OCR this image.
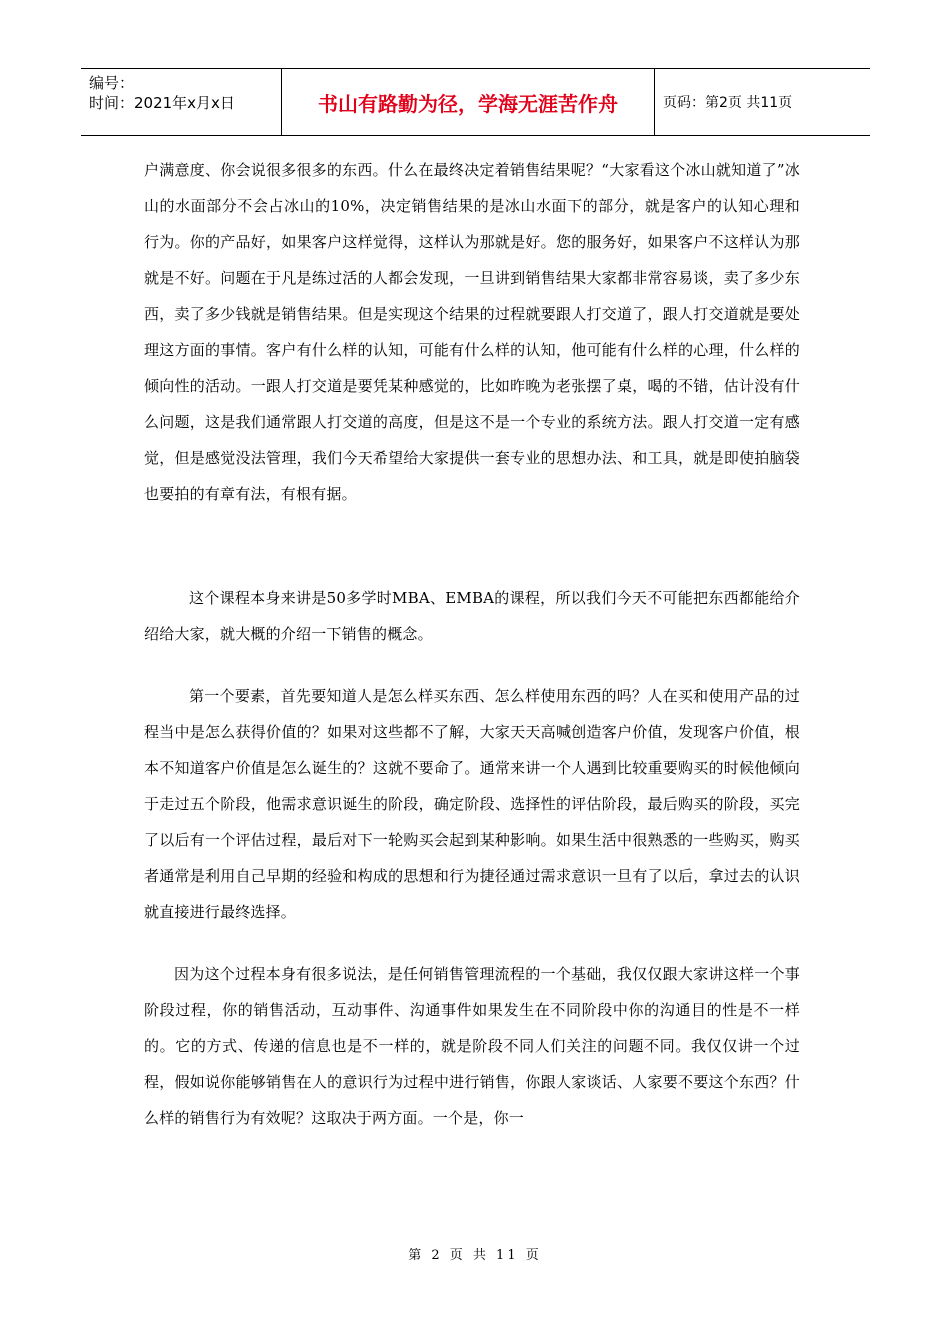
编号：
时间：2021年x月x日	书山有路勤为径，学海无涯苦作舟	页码：第2页 共11页

户满意度、你会说很多很多的东西。什么在最终决定着销售结果呢？“大家看这个冰山就知道了”冰山的水面部分不会占冰山的10%，决定销售结果的是冰山水面下的部分，就是客户的认知心理和行为。你的产品好，如果客户这样觉得，这样认为那就是好。您的服务好，如果客户不这样认为那就是不好。问题在于凡是练过活的人都会发现，一旦讲到销售结果大家都非常容易谈，卖了多少东西，卖了多少钱就是销售结果。但是实现这个结果的过程就要跟人打交道了，跟人打交道就是要处理这方面的事情。客户有什么样的认知，可能有什么样的认知，他可能有什么样的心理，什么样的倾向性的活动。一跟人打交道是要凭某种感觉的，比如昨晚为老张摆了桌，喝的不错，估计没有什么问题，这是我们通常跟人打交道的高度，但是这不是一个专业的系统方法。跟人打交道一定有感觉，但是感觉没法管理，我们今天希望给大家提供一套专业的思想办法、和工具，就是即使拍脑袋也要拍的有章有法，有根有据。

这个课程本身来讲是50多学时MBA、EMBA的课程，所以我们今天不可能把东西都能给介绍给大家，就大概的介绍一下销售的概念。

第一个要素，首先要知道人是怎么样买东西、怎么样使用东西的吗？人在买和使用产品的过程当中是怎么获得价值的？如果对这些都不了解，大家天天高喊创造客户价值，发现客户价值，根本不知道客户价值是怎么诞生的？这就不要命了。通常来讲一个人遇到比较重要购买的时候他倾向于走过五个阶段，他需求意识诞生的阶段，确定阶段、选择性的评估阶段，最后购买的阶段，买完了以后有一个评估过程，最后对下一轮购买会起到某种影响。如果生活中很熟悉的一些购买，购买者通常是利用自己早期的经验和构成的思想和行为捷径通过需求意识一旦有了以后，拿过去的认识就直接进行最终选择。

因为这个过程本身有很多说法，是任何销售管理流程的一个基础，我仅仅跟大家讲这样一个事阶段过程，你的销售活动，互动事件、沟通事件如果发生在不同阶段中你的沟通目的性是不一样的。它的方式、传递的信息也是不一样的，就是阶段不同人们关注的问题不同。我仅仅讲一个过程，假如说你能够销售在人的意识行为过程中进行销售，你跟人家谈话、人家要不要这个东西？什么样的销售行为有效呢？这取决于两方面。一个是，你一

第 2 页 共 11 页
